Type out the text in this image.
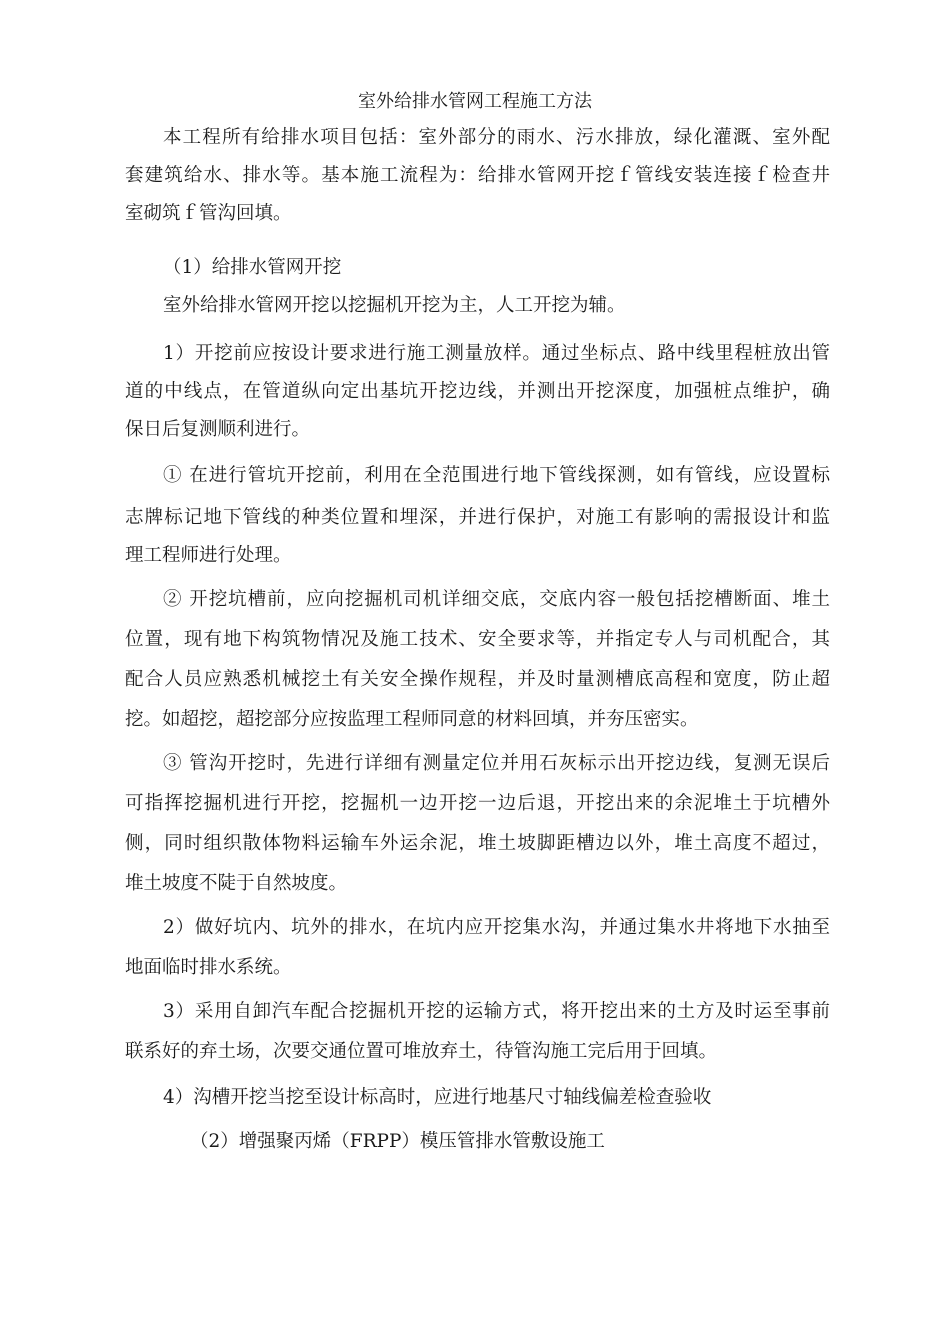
室外给排水管网工程施工方法
本工程所有给排水项目包括：室外部分的雨水、污水排放，绿化灌溉、室外配
套建筑给水、排水等。基本施工流程为：给排水管网开挖ｆ管线安装连接ｆ检查井
室砌筑ｆ管沟回填。
（1）给排水管网开挖
室外给排水管网开挖以挖掘机开挖为主，人工开挖为辅。
1）开挖前应按设计要求进行施工测量放样。通过坐标点、路中线里程桩放出管
道的中线点，在管道纵向定出基坑开挖边线，并测出开挖深度，加强桩点维护，确
保日后复测顺利进行。
① 在进行管坑开挖前，利用在全范围进行地下管线探测，如有管线，应设置标
志牌标记地下管线的种类位置和埋深，并进行保护，对施工有影响的需报设计和监
理工程师进行处理。
② 开挖坑槽前，应向挖掘机司机详细交底，交底内容一般包括挖槽断面、堆土
位置，现有地下构筑物情况及施工技术、安全要求等，并指定专人与司机配合，其
配合人员应熟悉机械挖土有关安全操作规程，并及时量测槽底高程和宽度，防止超
挖。如超挖，超挖部分应按监理工程师同意的材料回填，并夯压密实。
③ 管沟开挖时，先进行详细有测量定位并用石灰标示出开挖边线，复测无误后
可指挥挖掘机进行开挖，挖掘机一边开挖一边后退，开挖出来的余泥堆土于坑槽外
侧，同时组织散体物料运输车外运余泥，堆土坡脚距槽边以外，堆土高度不超过，
堆土坡度不陡于自然坡度。
2）做好坑内、坑外的排水，在坑内应开挖集水沟，并通过集水井将地下水抽至
地面临时排水系统。
3）采用自卸汽车配合挖掘机开挖的运输方式，将开挖出来的土方及时运至事前
联系好的弃土场，次要交通位置可堆放弃土，待管沟施工完后用于回填。
4）沟槽开挖当挖至设计标高时，应进行地基尺寸轴线偏差检查验收
（2）增强聚丙烯（FRPP）模压管排水管敷设施工
